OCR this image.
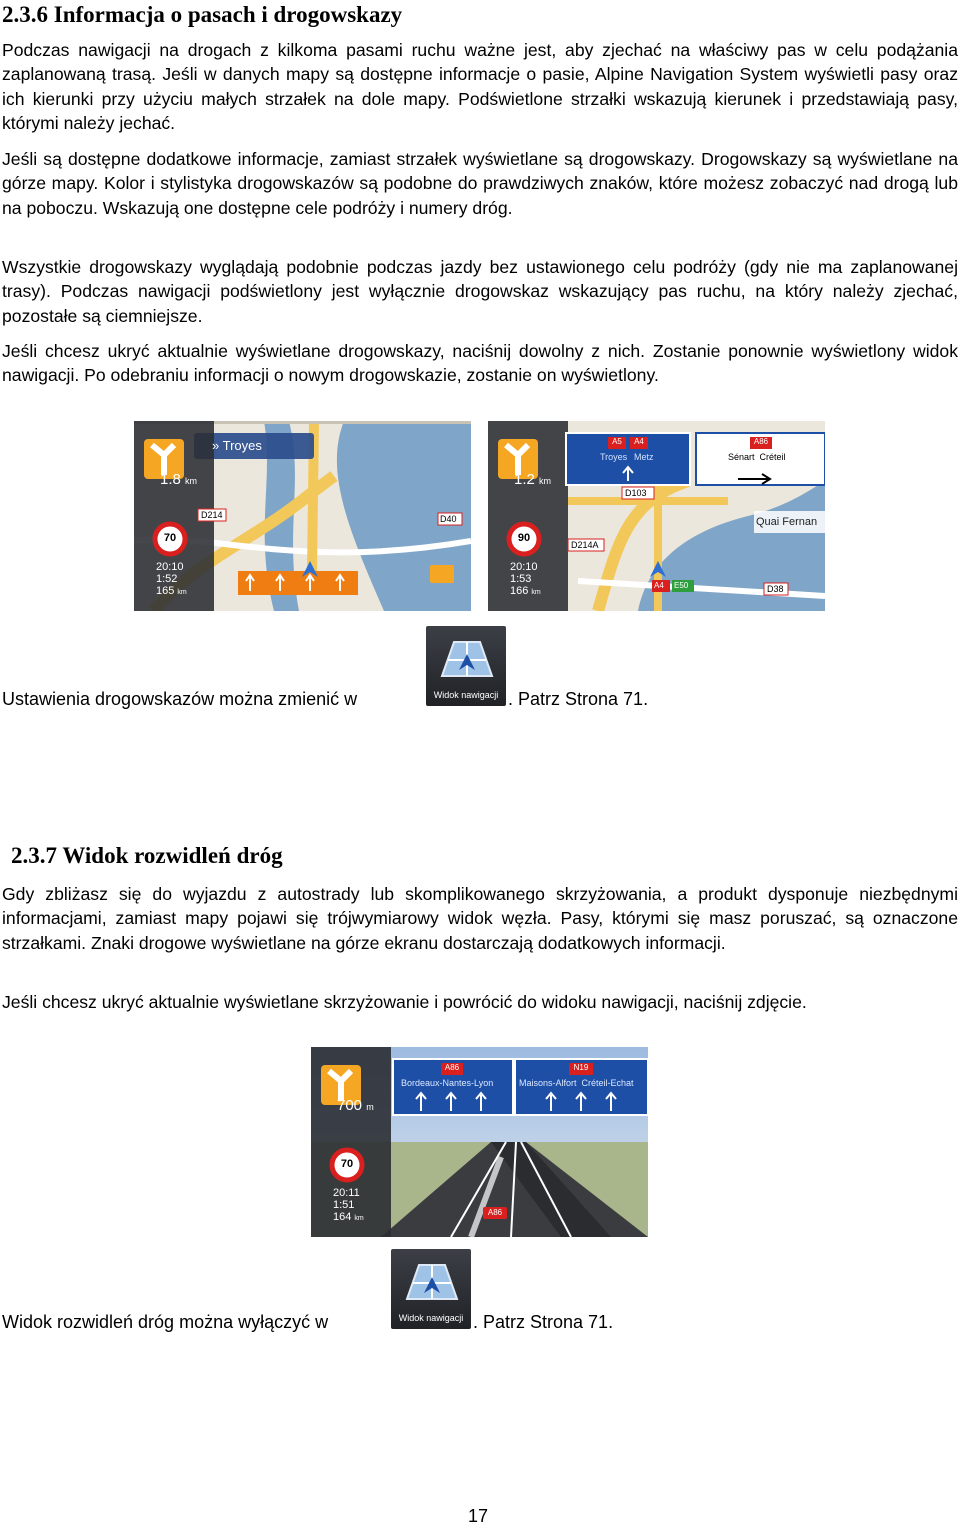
2.3.6 Informacja o pasach i drogowskazy

Podczas nawigacji na drogach z kilkoma pasami ruchu ważne jest, aby zjechać na właściwy pas w celu podążania zaplanowaną trasą. Jeśli w danych mapy są dostępne informacje o pasie, Alpine Navigation System wyświetli pasy oraz ich kierunki przy użyciu małych strzałek na dole mapy. Podświetlone strzałki wskazują kierunek i przedstawiają pasy, którymi należy jechać.

Jeśli są dostępne dodatkowe informacje, zamiast strzałek wyświetlane są drogowskazy. Drogowskazy są wyświetlane na górze mapy. Kolor i stylistyka drogowskazów są podobne do prawdziwych znaków, które możesz zobaczyć nad drogą lub na poboczu. Wskazują one dostępne cele podróży i numery dróg.

Wszystkie drogowskazy wyglądają podobnie podczas jazdy bez ustawionego celu podróży (gdy nie ma zaplanowanej trasy). Podczas nawigacji podświetlony jest wyłącznie drogowskaz wskazujący pas ruchu, na który należy zjechać, pozostałe są ciemniejsze.

Jeśli chcesz ukryć aktualnie wyświetlane drogowskazy, naciśnij dowolny z nich. Zostanie ponownie wyświetlony widok nawigacji. Po odebraniu informacji o nowym drogowskazie, zostanie on wyświetlony.

» Troyes
1.8 km
70
D214	D40
20:10
1:52
165 km
1.2 km
90
A5	A4
Troyes Metz
A86
Sénart  Créteil
Quai Fernan
D103
D214A
A4 E50	D38
20:10
1:53
166 km
Widok nawigacji
Ustawienia drogowskazów można zmienić w	. Patrz Strona 71.
2.3.7 Widok rozwidleń dróg

Gdy zbliżasz się do wyjazdu z autostrady lub skomplikowanego skrzyżowania, a produkt dysponuje niezbędnymi informacjami, zamiast mapy pojawi się trójwymiarowy widok węzła. Pasy, którymi się masz poruszać, są oznaczone strzałkami. Znaki drogowe wyświetlane na górze ekranu dostarczają dodatkowych informacji.

Jeśli chcesz ukryć aktualnie wyświetlane skrzyżowanie i powrócić do widoku nawigacji, naciśnij zdjęcie.

700 m
70
A86
Bordeaux-Nantes-Lyon
N19
Maisons-Alfort  Créteil-Echat
A86
20:11
1:51
164 km
Widok nawigacji
Widok rozwidleń dróg można wyłączyć w	. Patrz Strona 71.
17
